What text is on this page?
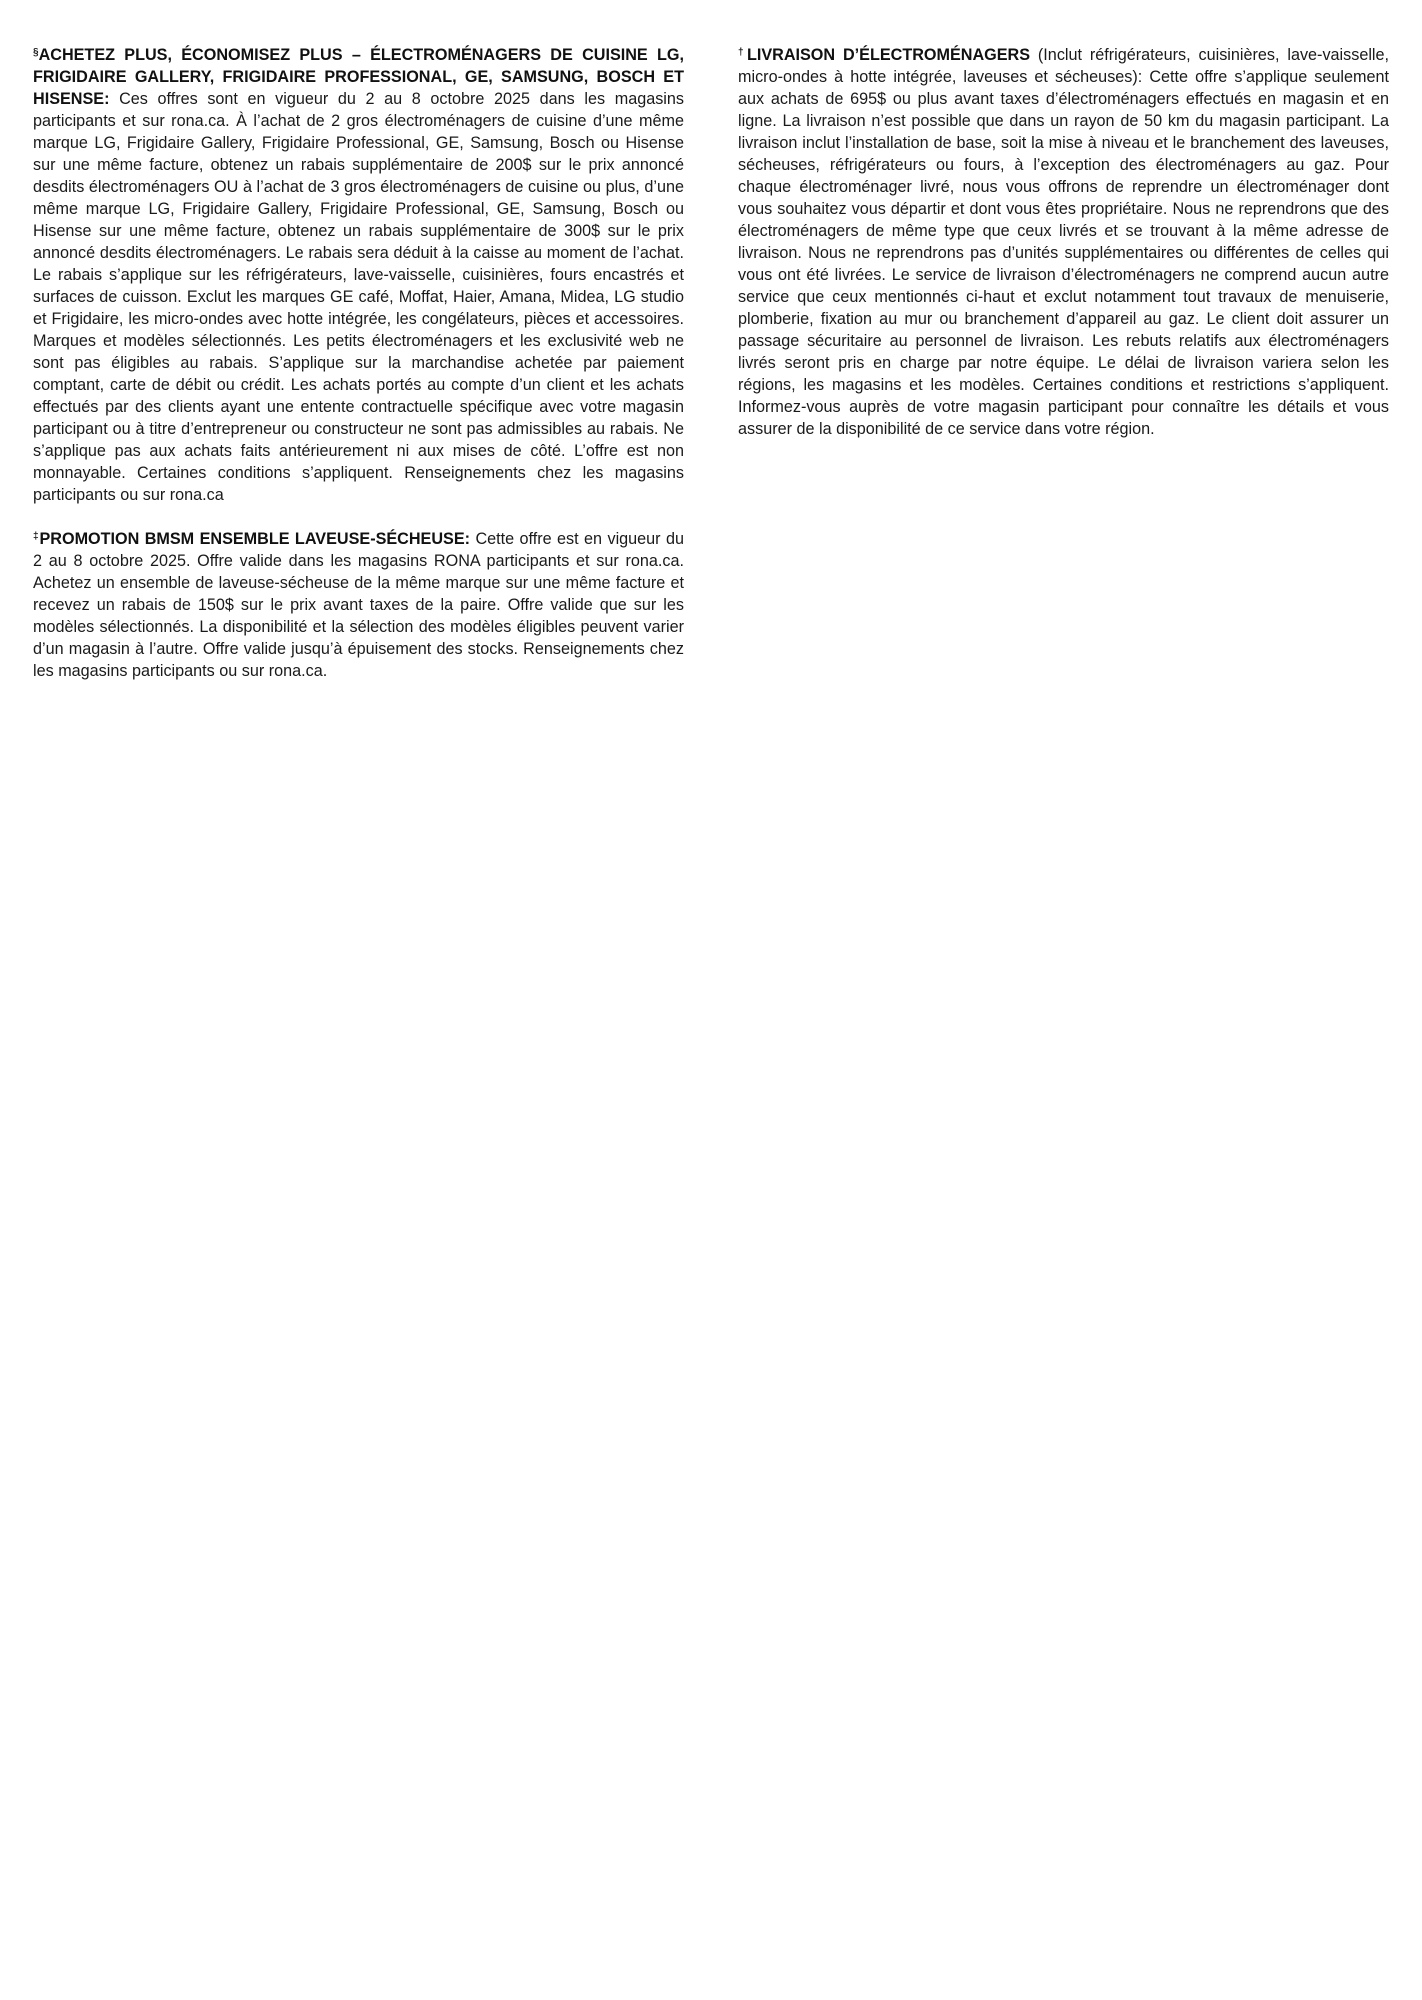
§ACHETEZ PLUS, ÉCONOMISEZ PLUS – ÉLECTROMÉNAGERS DE CUISINE LG, FRIGIDAIRE GALLERY, FRIGIDAIRE PROFESSIONAL, GE, SAMSUNG, BOSCH ET HISENSE: Ces offres sont en vigueur du 2 au 8 octobre 2025 dans les magasins participants et sur rona.ca. À l’achat de 2 gros électroménagers de cuisine d’une même marque LG, Frigidaire Gallery, Frigidaire Professional, GE, Samsung, Bosch ou Hisense sur une même facture, obtenez un rabais supplémentaire de 200$ sur le prix annoncé desdits électroménagers OU à l’achat de 3 gros électroménagers de cuisine ou plus, d’une même marque LG, Frigidaire Gallery, Frigidaire Professional, GE, Samsung, Bosch ou Hisense sur une même facture, obtenez un rabais supplémentaire de 300$ sur le prix annoncé desdits électroménagers. Le rabais sera déduit à la caisse au moment de l’achat. Le rabais s’applique sur les réfrigérateurs, lave-vaisselle, cuisinières, fours encastrés et surfaces de cuisson. Exclut les marques GE café, Moffat, Haier, Amana, Midea, LG studio et Frigidaire, les micro-ondes avec hotte intégrée, les congélateurs, pièces et accessoires. Marques et modèles sélectionnés. Les petits électroménagers et les exclusivité web ne sont pas éligibles au rabais. S’applique sur la marchandise achetée par paiement comptant, carte de débit ou crédit. Les achats portés au compte d’un client et les achats effectués par des clients ayant une entente contractuelle spécifique avec votre magasin participant ou à titre d’entrepreneur ou constructeur ne sont pas admissibles au rabais. Ne s’applique pas aux achats faits antérieurement ni aux mises de côté. L’offre est non monnayable. Certaines conditions s’appliquent. Renseignements chez les magasins participants ou sur rona.ca

‡PROMOTION BMSM ENSEMBLE LAVEUSE-SÉCHEUSE: Cette offre est en vigueur du 2 au 8 octobre 2025. Offre valide dans les magasins RONA participants et sur rona.ca. Achetez un ensemble de laveuse-sécheuse de la même marque sur une même facture et recevez un rabais de 150$ sur le prix avant taxes de la paire. Offre valide que sur les modèles sélectionnés. La disponibilité et la sélection des modèles éligibles peuvent varier d’un magasin à l’autre. Offre valide jusqu’à épuisement des stocks. Renseignements chez les magasins participants ou sur rona.ca.

†LIVRAISON D’ÉLECTROMÉNAGERS (Inclut réfrigérateurs, cuisinières, lave-vaisselle, micro-ondes à hotte intégrée, laveuses et sécheuses): Cette offre s’applique seulement aux achats de 695$ ou plus avant taxes d’électroménagers effectués en magasin et en ligne. La livraison n’est possible que dans un rayon de 50 km du magasin participant. La livraison inclut l’installation de base, soit la mise à niveau et le branchement des laveuses, sécheuses, réfrigérateurs ou fours, à l’exception des électroménagers au gaz. Pour chaque électroménager livré, nous vous offrons de reprendre un électroménager dont vous souhaitez vous départir et dont vous êtes propriétaire. Nous ne reprendrons que des électroménagers de même type que ceux livrés et se trouvant à la même adresse de livraison. Nous ne reprendrons pas d’unités supplémentaires ou différentes de celles qui vous ont été livrées. Le service de livraison d’électroménagers ne comprend aucun autre service que ceux mentionnés ci-haut et exclut notamment tout travaux de menuiserie, plomberie, fixation au mur ou branchement d’appareil au gaz. Le client doit assurer un passage sécuritaire au personnel de livraison. Les rebuts relatifs aux électroménagers livrés seront pris en charge par notre équipe. Le délai de livraison variera selon les régions, les magasins et les modèles. Certaines conditions et restrictions s’appliquent. Informez-vous auprès de votre magasin participant pour connaître les détails et vous assurer de la disponibilité de ce service dans votre région.
